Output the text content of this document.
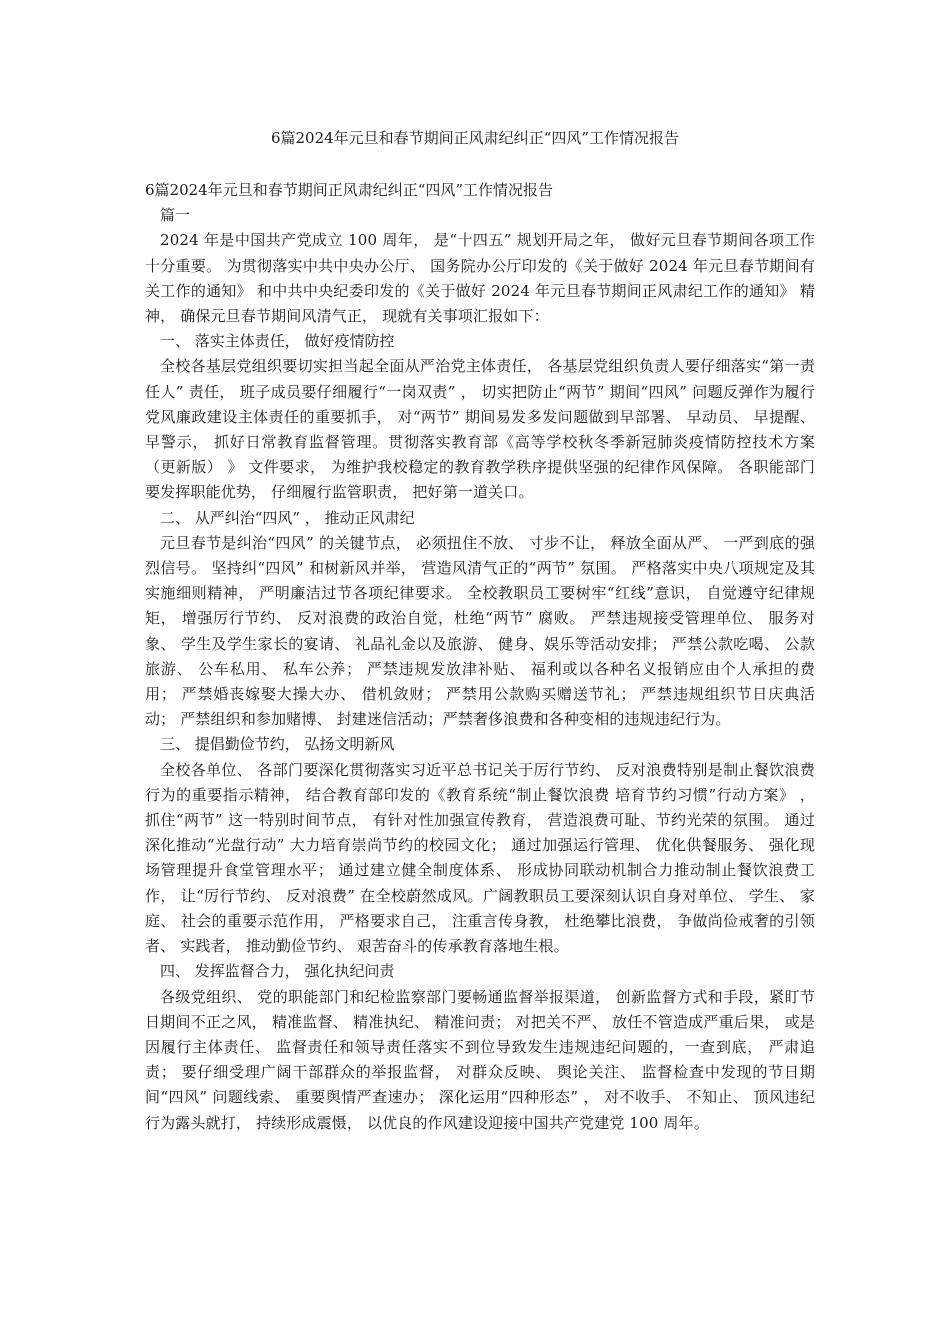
6篇2024年元旦和春节期间正风肃纪纠正“四风”工作情况报告

6篇2024年元旦和春节期间正风肃纪纠正“四风”工作情况报告

篇一

2024 年是中国共产党成立 100 周年， 是“十四五” 规划开局之年， 做好元旦春节期间各项工作十分重要。 为贯彻落实中共中央办公厅、 国务院办公厅印发的《关于做好 2024 年元旦春节期间有关工作的通知》 和中共中央纪委印发的《关于做好 2024 年元旦春节期间正风肃纪工作的通知》 精神， 确保元旦春节期间风清气正， 现就有关事项汇报如下：

一、 落实主体责任， 做好疫情防控

全校各基层党组织要切实担当起全面从严治党主体责任， 各基层党组织负责人要仔细落实“第一责任人” 责任， 班子成员要仔细履行“一岗双责” ， 切实把防止“两节” 期间“四风” 问题反弹作为履行党风廉政建设主体责任的重要抓手， 对“两节” 期间易发多发问题做到早部署、 早动员、 早提醒、 早警示， 抓好日常教育监督管理。贯彻落实教育部《高等学校秋冬季新冠肺炎疫情防控技术方案（更新版） 》 文件要求， 为维护我校稳定的教育教学秩序提供坚强的纪律作风保障。 各职能部门要发挥职能优势， 仔细履行监管职责， 把好第一道关口。

二、 从严纠治“四风” ， 推动正风肃纪

元旦春节是纠治“四风” 的关键节点， 必须扭住不放、 寸步不让， 释放全面从严、 一严到底的强烈信号。 坚持纠“四风” 和树新风并举， 营造风清气正的“两节” 氛围。 严格落实中央八项规定及其实施细则精神， 严明廉洁过节各项纪律要求。 全校教职员工要树牢“红线”意识， 自觉遵守纪律规矩， 增强厉行节约、 反对浪费的政治自觉，杜绝“两节” 腐败。 严禁违规接受管理单位、 服务对象、 学生及学生家长的宴请、 礼品礼金以及旅游、 健身、娱乐等活动安排； 严禁公款吃喝、 公款旅游、 公车私用、 私车公养； 严禁违规发放津补贴、 福利或以各种名义报销应由个人承担的费用； 严禁婚丧嫁娶大操大办、 借机敛财； 严禁用公款购买赠送节礼； 严禁违规组织节日庆典活动； 严禁组织和参加赌博、 封建迷信活动；严禁奢侈浪费和各种变相的违规违纪行为。

三、 提倡勤俭节约， 弘扬文明新风

全校各单位、 各部门要深化贯彻落实习近平总书记关于厉行节约、 反对浪费特别是制止餐饮浪费行为的重要指示精神， 结合教育部印发的《教育系统“制止餐饮浪费 培育节约习惯”行动方案》 ， 抓住“两节” 这一特别时间节点， 有针对性加强宣传教育， 营造浪费可耻、节约光荣的氛围。 通过深化推动“光盘行动” 大力培育崇尚节约的校园文化； 通过加强运行管理、 优化供餐服务、 强化现场管理提升食堂管理水平； 通过建立健全制度体系、 形成协同联动机制合力推动制止餐饮浪费工作， 让“厉行节约、 反对浪费” 在全校蔚然成风。广阔教职员工要深刻认识自身对单位、 学生、 家庭、 社会的重要示范作用， 严格要求自己， 注重言传身教， 杜绝攀比浪费， 争做尚俭戒奢的引领者、 实践者， 推动勤俭节约、 艰苦奋斗的传承教育落地生根。

四、 发挥监督合力， 强化执纪问责

各级党组织、 党的职能部门和纪检监察部门要畅通监督举报渠道， 创新监督方式和手段，紧盯节日期间不正之风， 精准监督、 精准执纪、 精准问责； 对把关不严、 放任不管造成严重后果， 或是因履行主体责任、 监督责任和领导责任落实不到位导致发生违规违纪问题的，一查到底， 严肃追责； 要仔细受理广阔干部群众的举报监督， 对群众反映、 舆论关注、 监督检查中发现的节日期间“四风” 问题线索、 重要舆情严查速办； 深化运用“四种形态” ， 对不收手、 不知止、 顶风违纪行为露头就打， 持续形成震慑， 以优良的作风建设迎接中国共产党建党 100 周年。
